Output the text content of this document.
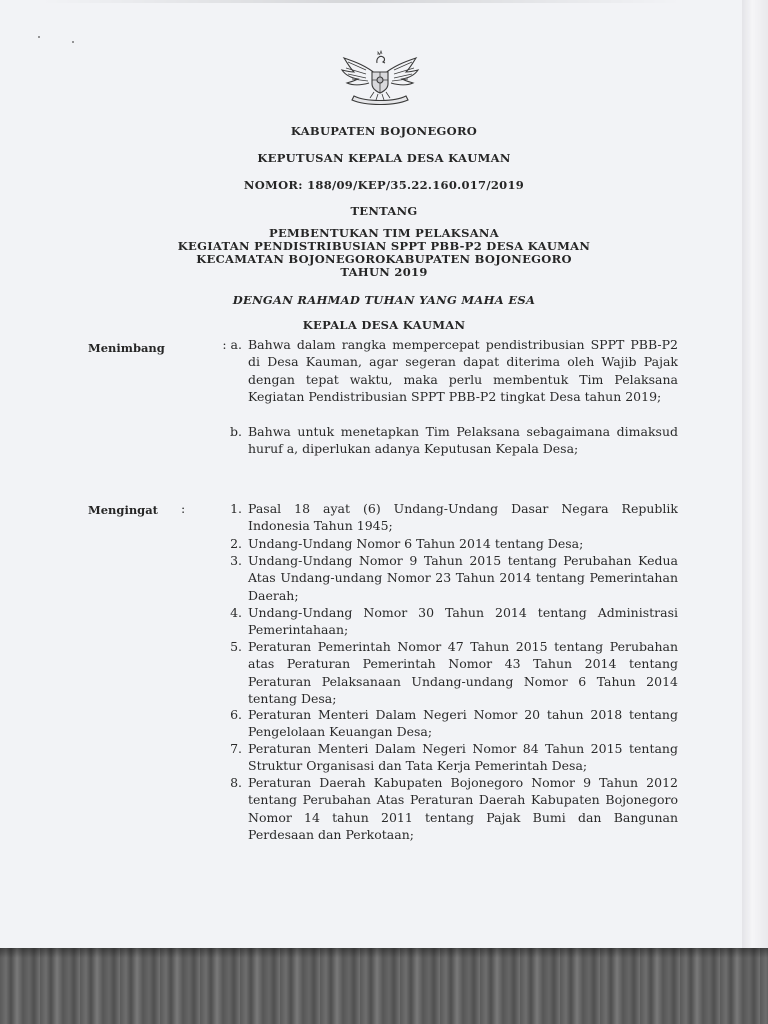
KABUPATEN BOJONEGORO
KEPUTUSAN KEPALA DESA KAUMAN
NOMOR: 188/09/KEP/35.22.160.017/2019
TENTANG
PEMBENTUKAN TIM PELAKSANA
KEGIATAN PENDISTRIBUSIAN SPPT PBB-P2 DESA KAUMAN
KECAMATAN BOJONEGOROKABUPATEN BOJONEGORO
TAHUN 2019
DENGAN RAHMAD TUHAN YANG MAHA ESA
KEPALA DESA KAUMAN
Menimbang	: a. Bahwa dalam rangka mempercepat pendistribusian SPPT PBB-P2 di Desa Kauman, agar segeran dapat diterima oleh Wajib Pajak dengan tepat waktu, maka perlu membentuk Tim Pelaksana Kegiatan Pendistribusian SPPT PBB-P2 tingkat Desa tahun 2019;
b. Bahwa untuk menetapkan Tim Pelaksana sebagaimana dimaksud huruf a, diperlukan adanya Keputusan Kepala Desa;
Mengingat :	1. Pasal 18 ayat (6) Undang-Undang Dasar Negara Republik Indonesia Tahun 1945;
2. Undang-Undang Nomor 6 Tahun 2014 tentang Desa;
3. Undang-Undang Nomor 9 Tahun 2015 tentang Perubahan Kedua Atas Undang-undang Nomor 23 Tahun 2014 tentang Pemerintahan Daerah;
4. Undang-Undang Nomor 30 Tahun 2014 tentang Administrasi Pemerintahaan;
5. Peraturan Pemerintah Nomor 47 Tahun 2015 tentang Perubahan atas Peraturan Pemerintah Nomor 43 Tahun 2014 tentang Peraturan Pelaksanaan Undang-undang Nomor 6 Tahun 2014 tentang Desa;
6. Peraturan Menteri Dalam Negeri Nomor 20 tahun 2018 tentang Pengelolaan Keuangan Desa;
7. Peraturan Menteri Dalam Negeri Nomor 84 Tahun 2015 tentang Struktur Organisasi dan Tata Kerja Pemerintah Desa;
8. Peraturan Daerah Kabupaten Bojonegoro Nomor 9 Tahun 2012 tentang Perubahan Atas Peraturan Daerah Kabupaten Bojonegoro Nomor 14 tahun 2011 tentang Pajak Bumi dan Bangunan Perdesaan dan Perkotaan;
